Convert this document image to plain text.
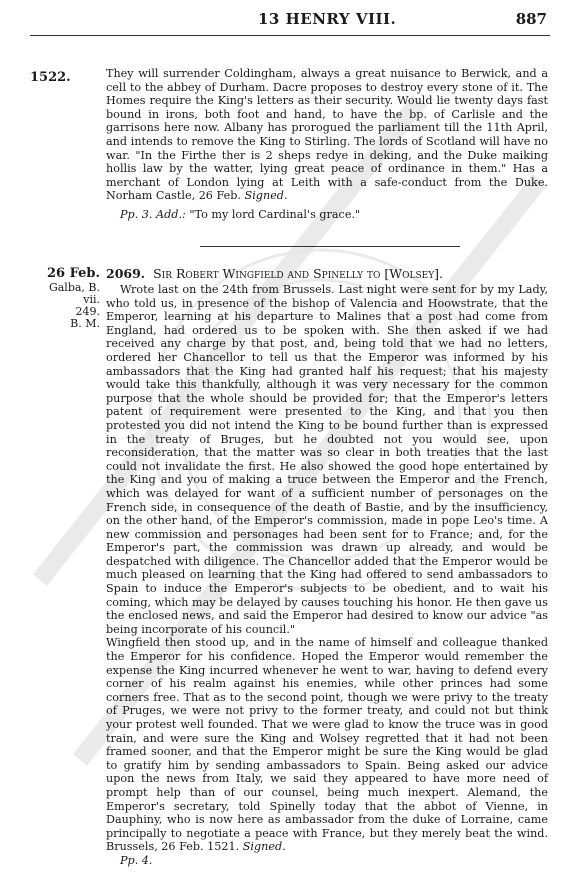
13 HENRY VIII.	887
1522.	They will surrender Coldingham, always a great nuisance to Berwick, and a cell to the abbey of Durham. Dacre proposes to destroy every stone of it. The Homes require the King's letters as their security. Would lie twenty days fast bound in irons, both foot and hand, to have the bp. of Carlisle and the garrisons here now. Albany has prorogued the parliament till the 11th April, and intends to remove the King to Stirling. The lords of Scotland will have no war. "In the Firthe ther is 2 sheps redye in deking, and the Duke maiking hollis law by the watter, lying great peace of ordinance in them." Has a merchant of London lying at Leith with a safe-conduct from the Duke. Norham Castle, 26 Feb. Signed.

Pp. 3. Add.: "To my lord Cardinal's grace."

26 Feb.
Galba, B. vii.
249.
B. M.
2069. Sir Robert Wingfield and Spinelly to [Wolsey].

Wrote last on the 24th from Brussels. Last night were sent for by my Lady, who told us, in presence of the bishop of Valencia and Hoowstrate, that the Emperor, learning at his departure to Malines that a post had come from England, had ordered us to be spoken with. She then asked if we had received any charge by that post, and, being told that we had no letters, ordered her Chancellor to tell us that the Emperor was informed by his ambassadors that the King had granted half his request; that his majesty would take this thankfully, although it was very necessary for the common purpose that the whole should be provided for; that the Emperor's letters patent of requirement were presented to the King, and that you then protested you did not intend the King to be bound further than is expressed in the treaty of Bruges, but he doubted not you would see, upon reconsideration, that the matter was so clear in both treaties that the last could not invalidate the first. He also showed the good hope entertained by the King and you of making a truce between the Emperor and the French, which was delayed for want of a sufficient number of personages on the French side, in consequence of the death of Bastie, and by the insufficiency, on the other hand, of the Emperor's commission, made in pope Leo's time. A new commission and personages had been sent for to France; and, for the Emperor's part, the commission was drawn up already, and would be despatched with diligence. The Chancellor added that the Emperor would be much pleased on learning that the King had offered to send ambassadors to Spain to induce the Emperor's subjects to be obedient, and to wait his coming, which may be delayed by causes touching his honor. He then gave us the enclosed news, and said the Emperor had desired to know our advice "as being incorporate of his council."

Wingfield then stood up, and in the name of himself and colleague thanked the Emperor for his confidence. Hoped the Emperor would remember the expense the King incurred whenever he went to war, having to defend every corner of his realm against his enemies, while other princes had some corners free. That as to the second point, though we were privy to the treaty of Pruges, we were not privy to the former treaty, and could not but think your protest well founded. That we were glad to know the truce was in good train, and were sure the King and Wolsey regretted that it had not been framed sooner, and that the Emperor might be sure the King would be glad to gratify him by sending ambassadors to Spain. Being asked our advice upon the news from Italy, we said they appeared to have more need of prompt help than of our counsel, being much inexpert. Alemand, the Emperor's secretary, told Spinelly today that the abbot of Vienne, in Dauphiny, who is now here as ambassador from the duke of Lorraine, came principally to negotiate a peace with France, but they merely beat the wind. Brussels, 26 Feb. 1521. Signed.

Pp. 4.
